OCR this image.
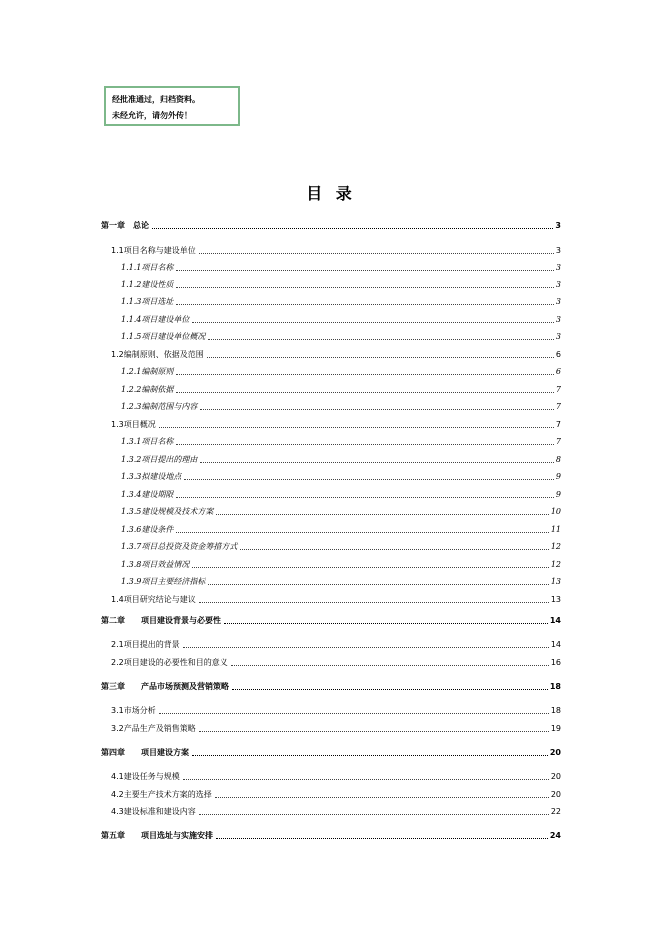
经批准通过，归档资料。
未经允许，请勿外传！
目 录
第一章　总论	3
1.1项目名称与建设单位	3
1.1.1项目名称	3
1.1.2建设性质	3
1.1.3项目选址	3
1.1.4项目建设单位	3
1.1.5项目建设单位概况	3
1.2编制原则、依据及范围	6
1.2.1编制原则	6
1.2.2编制依据	7
1.2.3编制范围与内容	7
1.3项目概况	7
1.3.1项目名称	7
1.3.2项目提出的理由	8
1.3.3拟建设地点	9
1.3.4建设期限	9
1.3.5建设规模及技术方案	10
1.3.6建设条件	11
1.3.7项目总投资及资金筹措方式	12
1.3.8项目效益情况	12
1.3.9项目主要经济指标	13
1.4项目研究结论与建议	13
第二章　　项目建设背景与必要性	14
2.1项目提出的背景	14
2.2项目建设的必要性和目的意义	16
第三章　　产品市场预测及营销策略	18
3.1市场分析	18
3.2产品生产及销售策略	19
第四章　　项目建设方案	20
4.1建设任务与规模	20
4.2主要生产技术方案的选择	20
4.3建设标准和建设内容	22
第五章　　项目选址与实施安排	24
